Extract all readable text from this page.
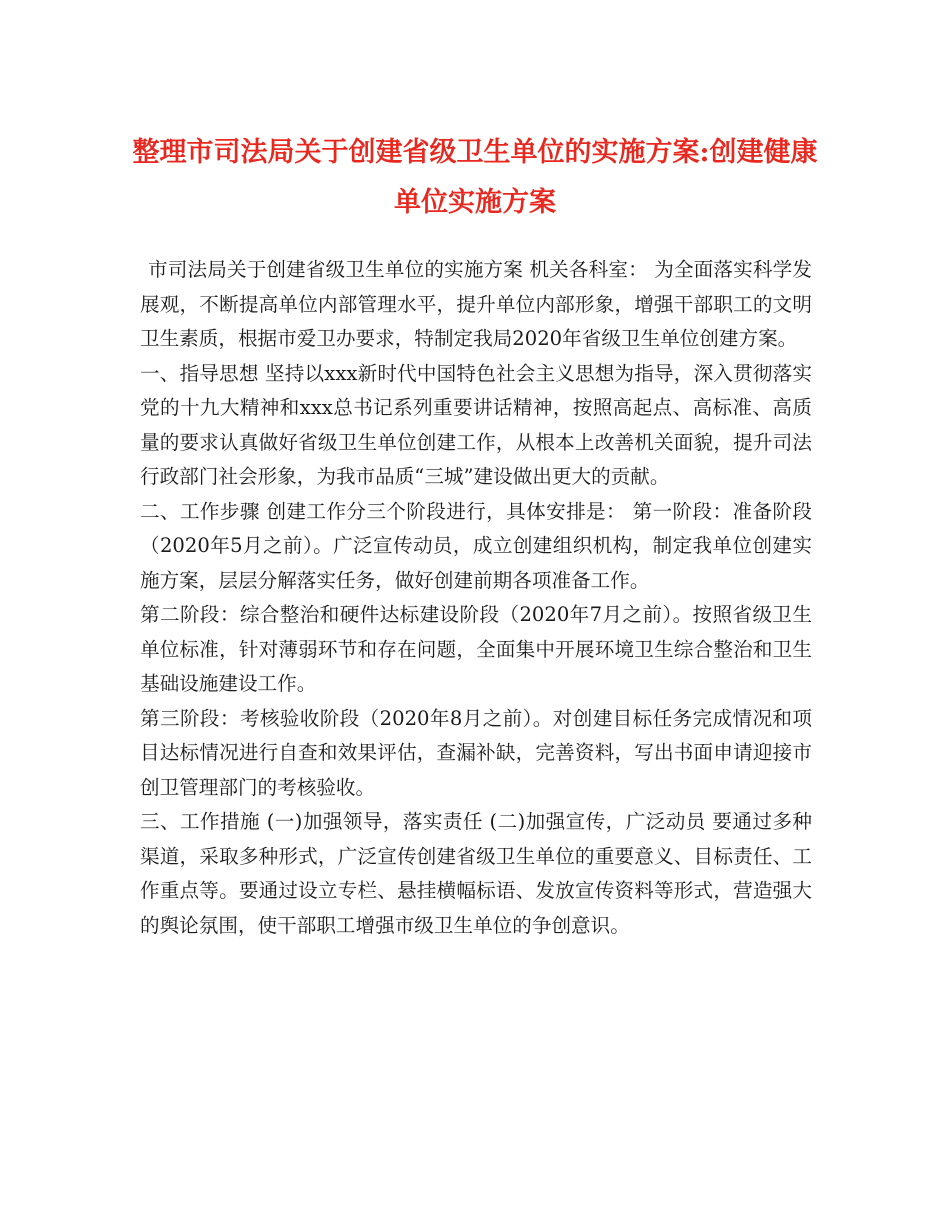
整理市司法局关于创建省级卫生单位的实施方案:创建健康单位实施方案

市司法局关于创建省级卫生单位的实施方案 机关各科室： 为全面落实科学发展观，不断提高单位内部管理水平，提升单位内部形象，增强干部职工的文明卫生素质，根据市爱卫办要求，特制定我局2020年省级卫生单位创建方案。

一、指导思想 坚持以xxx新时代中国特色社会主义思想为指导，深入贯彻落实党的十九大精神和xxx总书记系列重要讲话精神，按照高起点、高标准、高质量的要求认真做好省级卫生单位创建工作，从根本上改善机关面貌，提升司法行政部门社会形象，为我市品质“三城”建设做出更大的贡献。

二、工作步骤 创建工作分三个阶段进行，具体安排是： 第一阶段：准备阶段（2020年5月之前）。广泛宣传动员，成立创建组织机构，制定我单位创建实施方案，层层分解落实任务，做好创建前期各项准备工作。

第二阶段：综合整治和硬件达标建设阶段（2020年7月之前）。按照省级卫生单位标准，针对薄弱环节和存在问题，全面集中开展环境卫生综合整治和卫生基础设施建设工作。

第三阶段：考核验收阶段（2020年8月之前）。对创建目标任务完成情况和项目达标情况进行自查和效果评估，查漏补缺，完善资料，写出书面申请迎接市创卫管理部门的考核验收。

三、工作措施 (一)加强领导，落实责任 (二)加强宣传，广泛动员 要通过多种渠道，采取多种形式，广泛宣传创建省级卫生单位的重要意义、目标责任、工作重点等。要通过设立专栏、悬挂横幅标语、发放宣传资料等形式，营造强大的舆论氛围，使干部职工增强市级卫生单位的争创意识。
